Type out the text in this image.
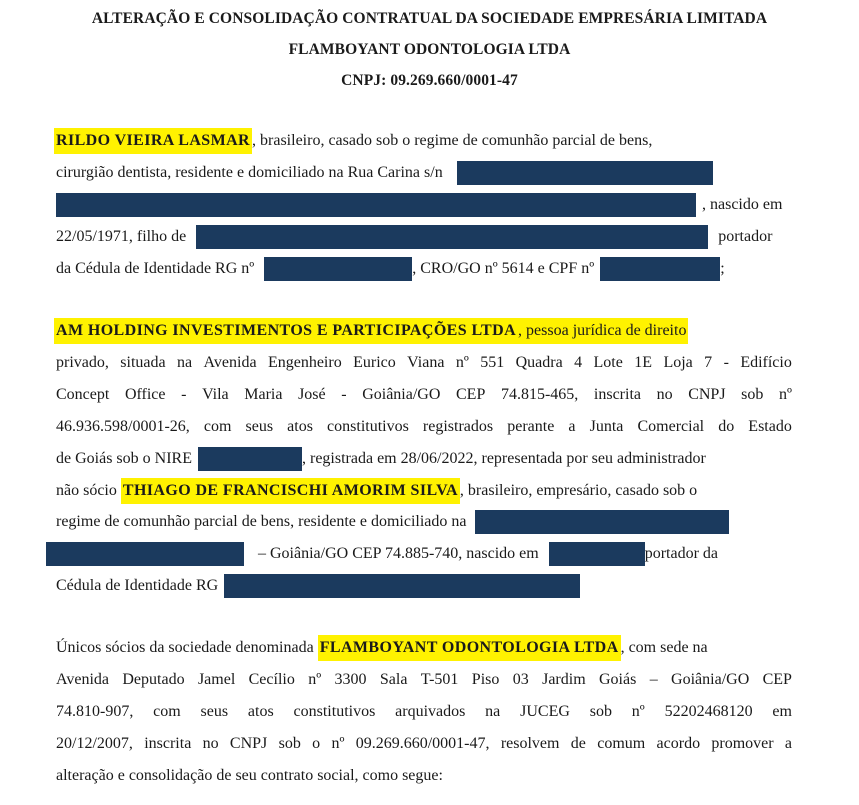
ALTERAÇÃO E CONSOLIDAÇÃO CONTRATUAL DA SOCIEDADE EMPRESÁRIA LIMITADA
FLAMBOYANT ODONTOLOGIA LTDA
CNPJ: 09.269.660/0001-47
RILDO VIEIRA LASMAR , brasileiro, casado sob o regime de comunhão parcial de bens,
cirurgião dentista, residente e domiciliado na Rua Carina s/n
, nascido em
22/05/1971, filho de	portador
da Cédula de Identidade RG nº	, CRO/GO nº 5614 e CPF nº	;
AM HOLDING INVESTIMENTOS E PARTICIPAÇÕES LTDA , pessoa jurídica de direito
privado, situada na Avenida Engenheiro Eurico Viana nº 551 Quadra 4 Lote 1E Loja 7 - Edifício
Concept Office - Vila Maria José - Goiânia/GO CEP 74.815-465, inscrita no CNPJ sob nº
46.936.598/0001-26, com seus atos constitutivos registrados perante a Junta Comercial do Estado
de Goiás sob o NIRE	, registrada em 28/06/2022, representada por seu administrador
não sócio THIAGO DE FRANCISCHI AMORIM SILVA , brasileiro, empresário, casado sob o
regime de comunhão parcial de bens, residente e domiciliado na
– Goiânia/GO CEP 74.885-740, nascido em	portador da
Cédula de Identidade RG
Únicos sócios da sociedade denominada FLAMBOYANT ODONTOLOGIA LTDA , com sede na
Avenida Deputado Jamel Cecílio nº 3300 Sala T-501 Piso 03 Jardim Goiás – Goiânia/GO CEP
74.810-907, com seus atos constitutivos arquivados na JUCEG sob nº 52202468120 em
20/12/2007, inscrita no CNPJ sob o nº 09.269.660/0001-47, resolvem de comum acordo promover a
alteração e consolidação de seu contrato social, como segue:
